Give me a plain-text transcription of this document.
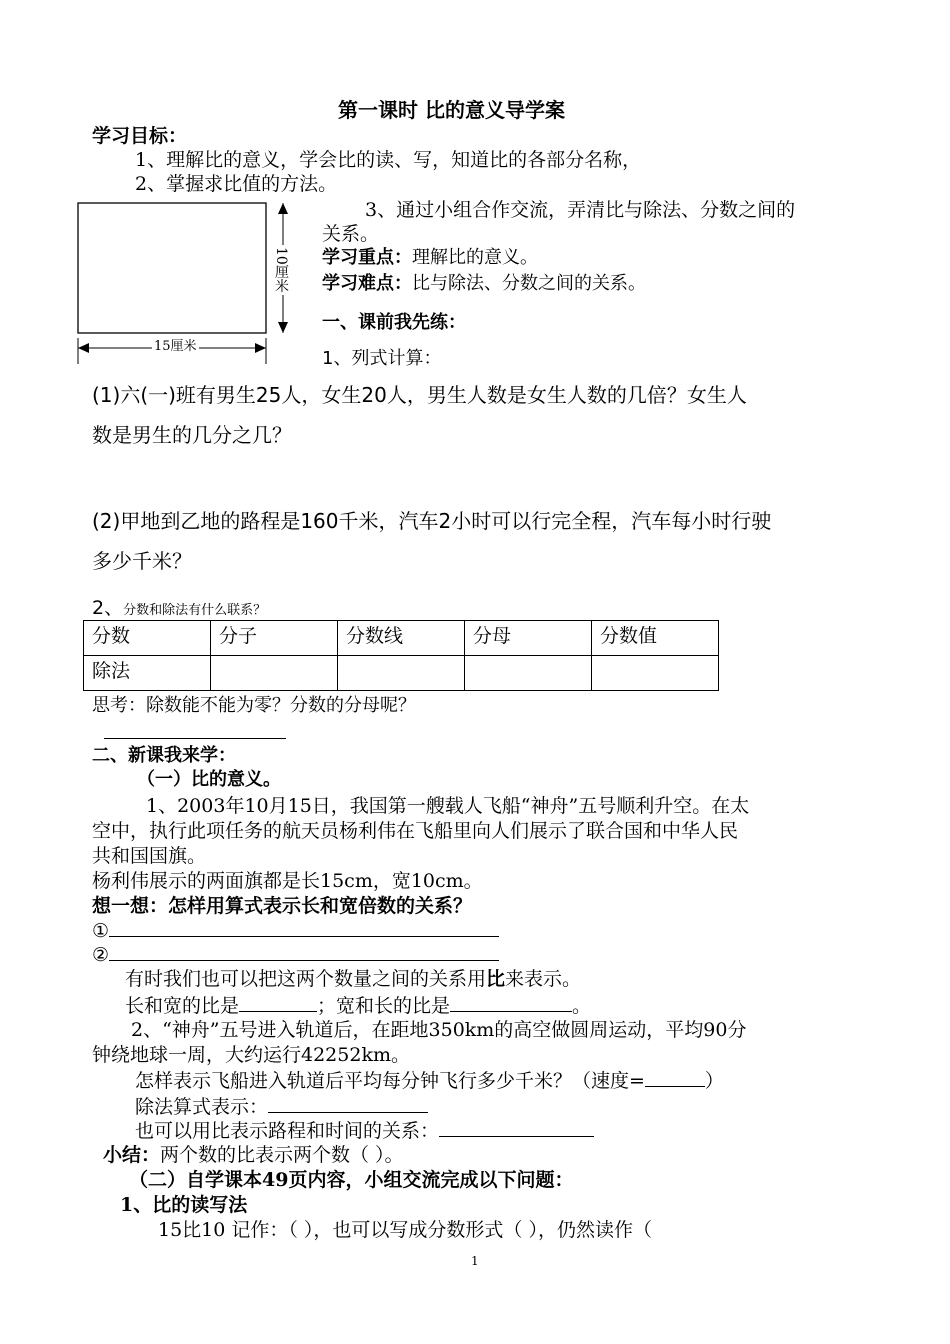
第一课时 比的意义导学案
学习目标：
1、理解比的意义，学会比的读、写，知道比的各部分名称，
2、掌握求比值的方法。
10厘米
15厘米
3、通过小组合作交流，弄清比与除法、分数之间的
关系。
学习重点：理解比的意义。
学习难点：比与除法、分数之间的关系。
一、课前我先练：
1、列式计算：
(1)六(一)班有男生25人，女生20人，男生人数是女生人数的几倍？女生人
数是男生的几分之几？
(2)甲地到乙地的路程是160千米，汽车2小时可以行完全程，汽车每小时行驶
多少千米？
2、分数和除法有什么联系？
分数	分子	分数线	分母	分数值
除法				
思考：除数能不能为零？分数的分母呢？
二、新课我来学：
（一）比的意义。
1、2003年10月15日，我国第一艘载人飞船“神舟”五号顺利升空。在太
空中，执行此项任务的航天员杨利伟在飞船里向人们展示了联合国和中华人民
共和国国旗。
杨利伟展示的两面旗都是长15cm，宽10cm。
想一想：怎样用算式表示长和宽倍数的关系？
①
②
有时我们也可以把这两个数量之间的关系用比来表示。
长和宽的比是	；宽和长的比是	。
2、“神舟”五号进入轨道后，在距地350km的高空做圆周运动，平均90分
钟绕地球一周，大约运行42252km。
怎样表示飞船进入轨道后平均每分钟飞行多少千米？（速度=	）
除法算式表示：
也可以用比表示路程和时间的关系：
小结：两个数的比表示两个数（ ）。
（二）自学课本49页内容，小组交流完成以下问题：
1、比的读写法
15比10 记作：（ ），也可以写成分数形式（ ），仍然读作（
1
